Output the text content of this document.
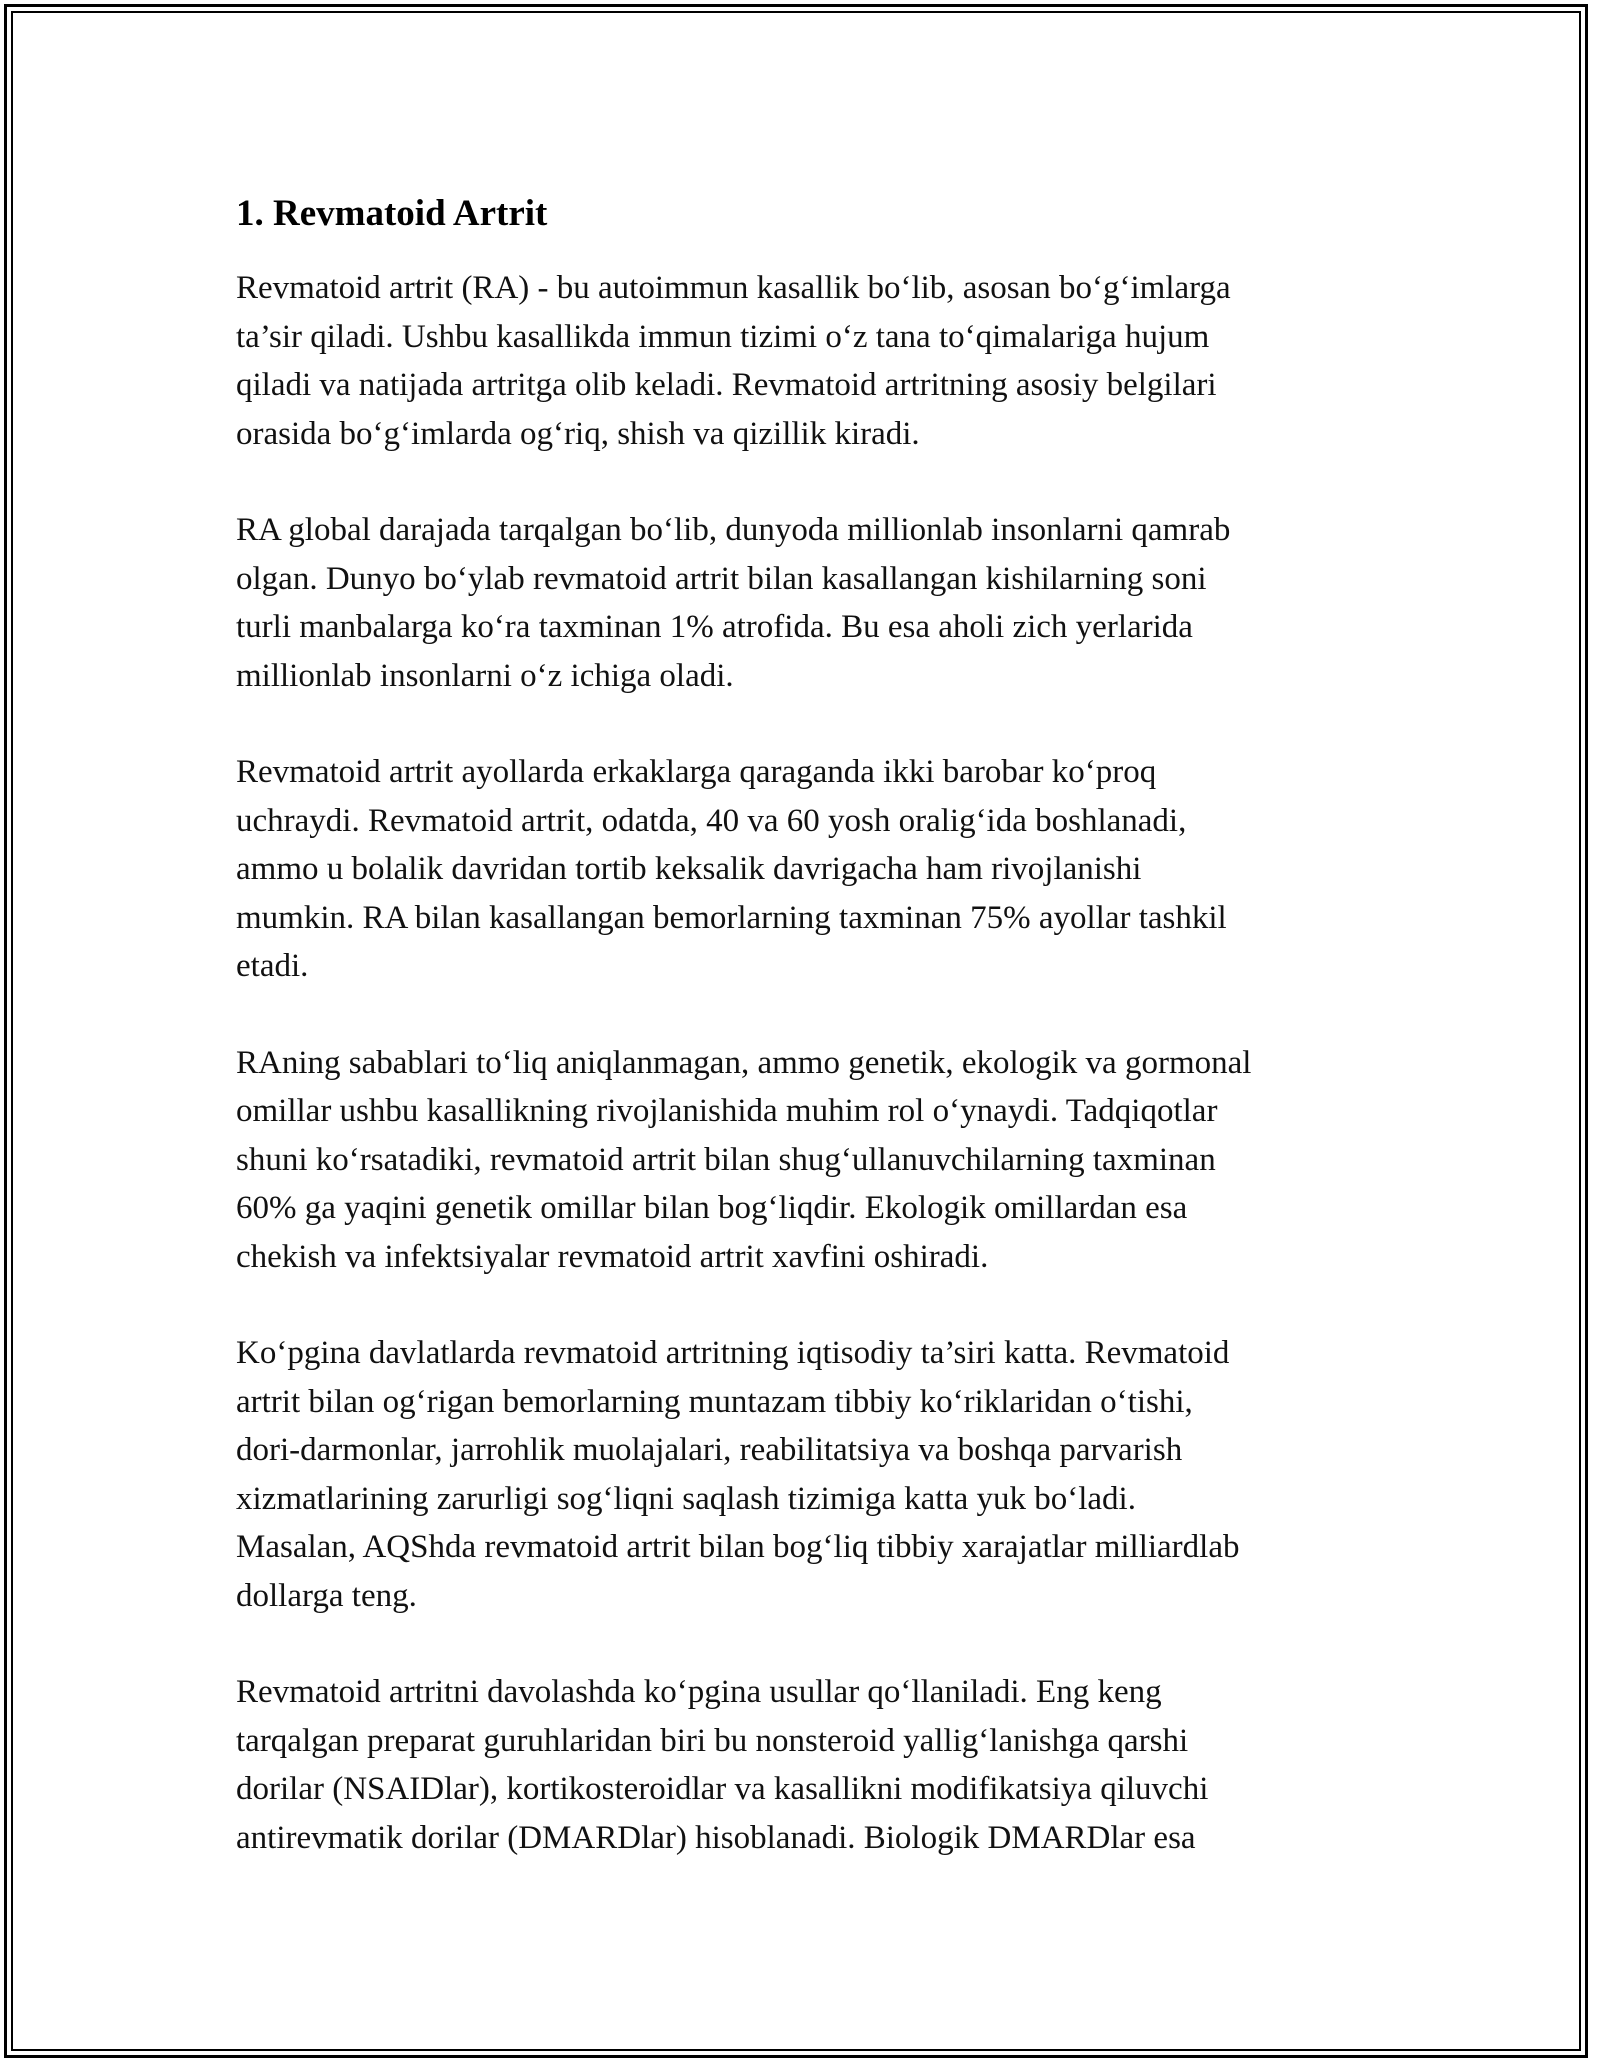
1. Revmatoid Artrit
Revmatoid artrit (RA) - bu autoimmun kasallik bo‘lib, asosan bo‘g‘imlarga
ta’sir qiladi. Ushbu kasallikda immun tizimi o‘z tana to‘qimalariga hujum
qiladi va natijada artritga olib keladi. Revmatoid artritning asosiy belgilari
orasida bo‘g‘imlarda og‘riq, shish va qizillik kiradi.
RA global darajada tarqalgan bo‘lib, dunyoda millionlab insonlarni qamrab
olgan. Dunyo bo‘ylab revmatoid artrit bilan kasallangan kishilarning soni
turli manbalarga ko‘ra taxminan 1% atrofida. Bu esa aholi zich yerlarida
millionlab insonlarni o‘z ichiga oladi.
Revmatoid artrit ayollarda erkaklarga qaraganda ikki barobar ko‘proq
uchraydi. Revmatoid artrit, odatda, 40 va 60 yosh oralig‘ida boshlanadi,
ammo u bolalik davridan tortib keksalik davrigacha ham rivojlanishi
mumkin. RA bilan kasallangan bemorlarning taxminan 75% ayollar tashkil
etadi.
RAning sabablari to‘liq aniqlanmagan, ammo genetik, ekologik va gormonal
omillar ushbu kasallikning rivojlanishida muhim rol o‘ynaydi. Tadqiqotlar
shuni ko‘rsatadiki, revmatoid artrit bilan shug‘ullanuvchilarning taxminan
60% ga yaqini genetik omillar bilan bog‘liqdir. Ekologik omillardan esa
chekish va infektsiyalar revmatoid artrit xavfini oshiradi.
Ko‘pgina davlatlarda revmatoid artritning iqtisodiy ta’siri katta. Revmatoid
artrit bilan og‘rigan bemorlarning muntazam tibbiy ko‘riklaridan o‘tishi,
dori-darmonlar, jarrohlik muolajalari, reabilitatsiya va boshqa parvarish
xizmatlarining zarurligi sog‘liqni saqlash tizimiga katta yuk bo‘ladi.
Masalan, AQShda revmatoid artrit bilan bog‘liq tibbiy xarajatlar milliardlab
dollarga teng.
Revmatoid artritni davolashda ko‘pgina usullar qo‘llaniladi. Eng keng
tarqalgan preparat guruhlaridan biri bu nonsteroid yallig‘lanishga qarshi
dorilar (NSAIDlar), kortikosteroidlar va kasallikni modifikatsiya qiluvchi
antirevmatik dorilar (DMARDlar) hisoblanadi. Biologik DMARDlar esa
